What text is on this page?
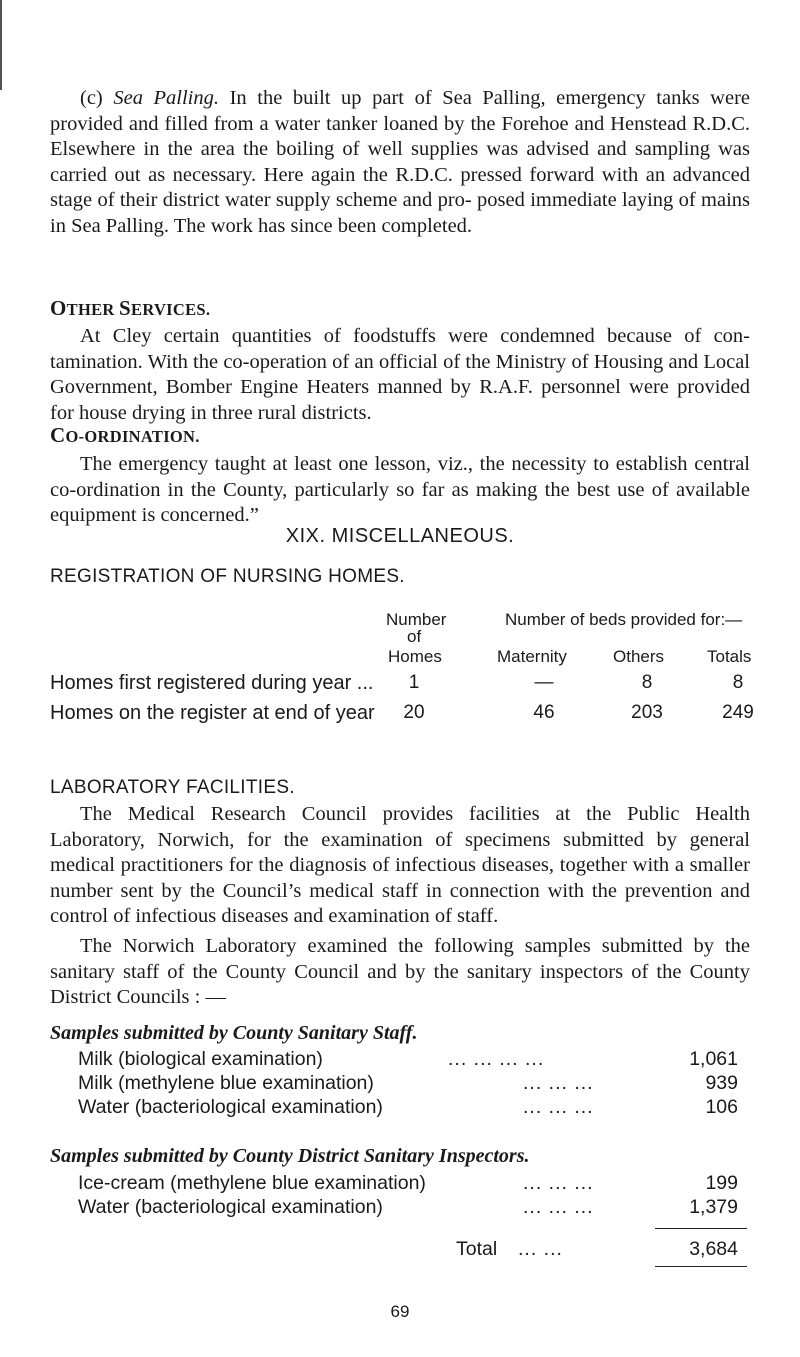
(c) Sea Palling. In the built up part of Sea Palling, emergency tanks were provided and filled from a water tanker loaned by the Forehoe and Henstead R.D.C. Elsewhere in the area the boiling of well supplies was advised and sampling was carried out as necessary. Here again the R.D.C. pressed forward with an advanced stage of their district water supply scheme and pro- posed immediate laying of mains in Sea Palling. The work has since been completed.

OTHER SERVICES.

At Cley certain quantities of foodstuffs were condemned because of con- tamination. With the co-operation of an official of the Ministry of Housing and Local Government, Bomber Engine Heaters manned by R.A.F. personnel were provided for house drying in three rural districts.

CO-ORDINATION.

The emergency taught at least one lesson, viz., the necessity to establish central co-ordination in the County, particularly so far as making the best use of available equipment is concerned.”

XIX. MISCELLANEOUS.
REGISTRATION OF NURSING HOMES.
Number
of
Homes
Number of beds provided for:—
Maternity	Others	Totals
Homes first registered during year ...	1	—	8	8
Homes on the register at end of year	20	46	203	249
LABORATORY FACILITIES.

The Medical Research Council provides facilities at the Public Health Laboratory, Norwich, for the examination of specimens submitted by general medical practitioners for the diagnosis of infectious diseases, together with a smaller number sent by the Council’s medical staff in connection with the prevention and control of infectious diseases and examination of staff.

The Norwich Laboratory examined the following samples submitted by the sanitary staff of the County Council and by the sanitary inspectors of the County District Councils : —

Samples submitted by County Sanitary Staff.
Milk (biological examination)	... ... ... ...	1,061
Milk (methylene blue examination)	... ... ...	939
Water (bacteriological examination)	... ... ...	106
Samples submitted by County District Sanitary Inspectors.
Ice-cream (methylene blue examination)	... ... ...	199
Water (bacteriological examination)	... ... ...	1,379
Total ... ...	3,684
69
